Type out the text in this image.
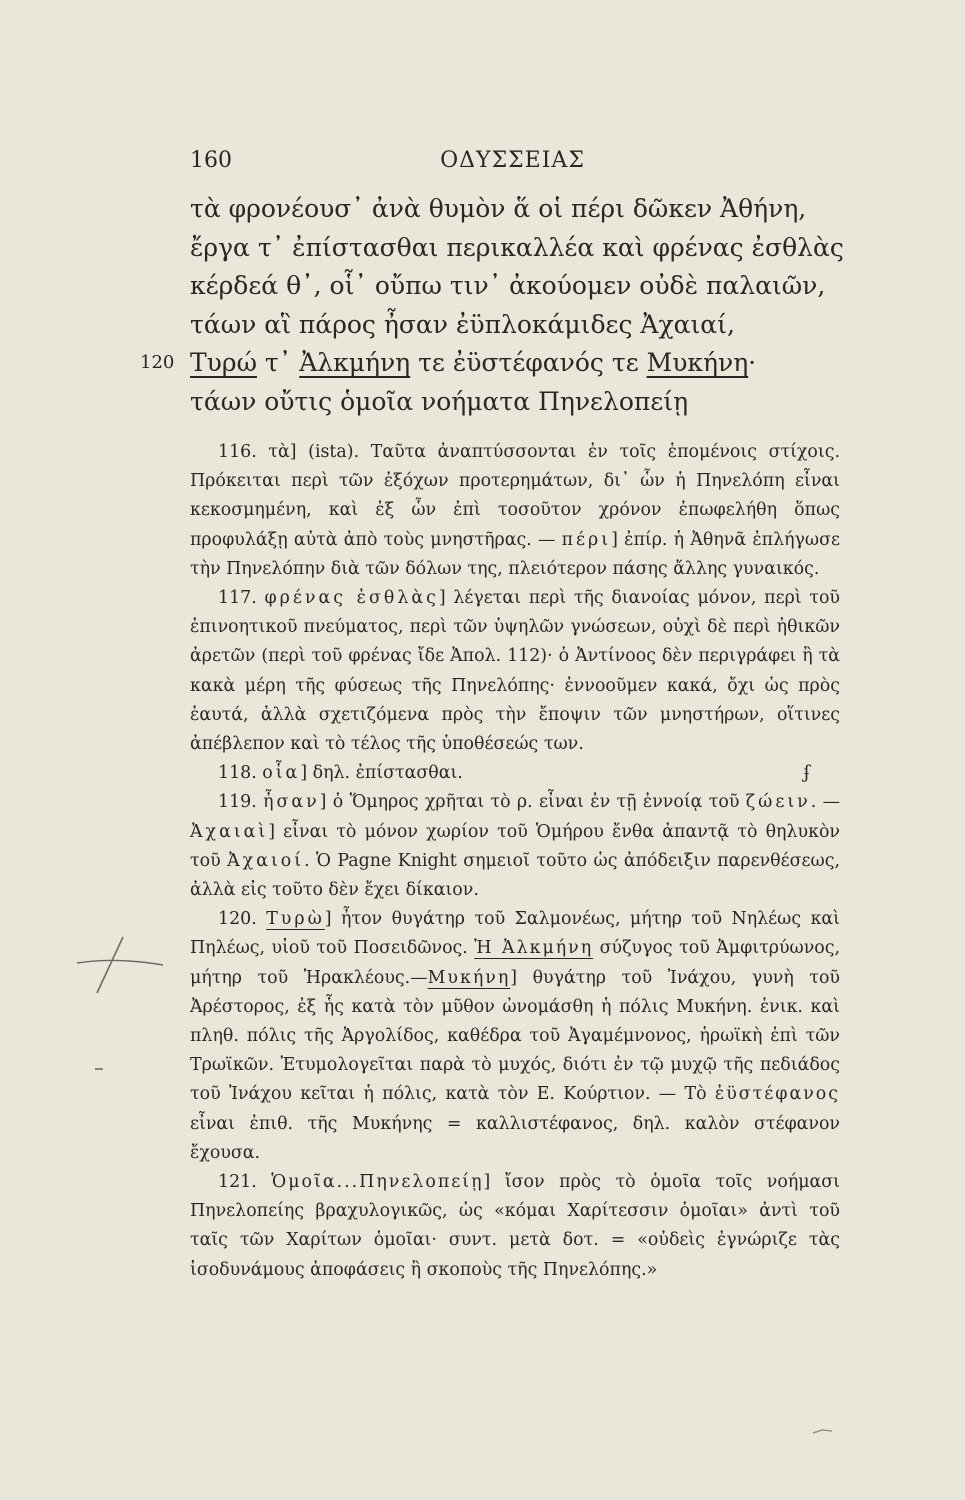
160	ΟΔΥΣΣΕΙΑΣ
τὰ φρονέουσ᾽ ἀνὰ θυμὸν ἅ οἱ πέρι δῶκεν Ἀθήνη,
ἔργα τ᾽ ἐπίστασθαι περικαλλέα καὶ φρένας ἐσθλὰς
κέρδεά θ᾽, οἷ᾽ οὔπω τιν᾽ ἀκούομεν οὐδὲ παλαιῶν,
τάων αἳ πάρος ἦσαν ἐϋπλοκάμιδες Ἀχαιαί,
120 Τυρώ τ᾽ Ἀλκμήνη τε ἐϋστέφανός τε Μυκήνη·
τάων οὔτις ὁμοῖα νοήματα Πηνελοπείῃ

116. τὰ] (ista). Ταῦτα ἀναπτύσσονται ἐν τοῖς ἑπομένοις στίχοις. Πρόκειται περὶ τῶν ἐξόχων προτερημάτων, δι᾽ ὧν ἡ Πηνελόπη εἶναι κεκοσμημένη, καὶ ἐξ ὧν ἐπὶ τοσοῦτον χρόνον ἐπωφελήθη ὅπως προφυλάξῃ αὐτὰ ἀπὸ τοὺς μνηστῆρας. — πέρι] ἐπίρ. ἡ Ἀθηνᾶ ἐπλήγωσε τὴν Πηνελόπην διὰ τῶν δόλων της, πλειότερον πάσης ἄλλης γυναικός.

117. φρένας ἐσθλὰς] λέγεται περὶ τῆς διανοίας μόνον, περὶ τοῦ ἐπινοητικοῦ πνεύματος, περὶ τῶν ὑψηλῶν γνώσεων, οὐχὶ δὲ περὶ ἠθικῶν ἀρετῶν (περὶ τοῦ φρένας ἴδε Ἀπολ. 112)· ὁ Ἀντίνοος δὲν περιγράφει ἢ τὰ κακὰ μέρη τῆς φύσεως τῆς Πηνελόπης· ἐννοοῦμεν κακά, ὄχι ὡς πρὸς ἑαυτά, ἀλλὰ σχετιζόμενα πρὸς τὴν ἔποψιν τῶν μνηστήρων, οἵτινες ἀπέβλεπον καὶ τὸ τέλος τῆς ὑποθέσεώς των.

118. οἷα] δηλ. ἐπίστασθαι.	ʄ

119. ἦσαν] ὁ Ὅμηρος χρῆται τὸ ρ. εἶναι ἐν τῇ ἐννοίᾳ τοῦ ζώειν. — Ἀχαιαὶ] εἶναι τὸ μόνον χωρίον τοῦ Ὁμήρου ἔνθα ἀπαντᾷ τὸ θηλυκὸν τοῦ Ἀχαιοί. Ὁ Pagne Knight σημειοῖ τοῦτο ὡς ἀπόδειξιν παρενθέσεως, ἀλλὰ εἰς τοῦτο δὲν ἔχει δίκαιον.

120. Τυρὼ] ἦτον θυγάτηρ τοῦ Σαλμονέως, μήτηρ τοῦ Νηλέως καὶ Πηλέως, υἱοῦ τοῦ Ποσειδῶνος. Ἡ Ἀλκμήνη σύζυγος τοῦ Ἀμφιτρύωνος, μήτηρ τοῦ Ἡρακλέους.—Μυκήνη] θυγάτηρ τοῦ Ἰνάχου, γυνὴ τοῦ Ἀρέστορος, ἐξ ἧς κατὰ τὸν μῦθον ὠνομάσθη ἡ πόλις Μυκήνη. ἑνικ. καὶ πληθ. πόλις τῆς Ἀργολίδος, καθέδρα τοῦ Ἀγαμέμνονος, ἡρωϊκὴ ἐπὶ τῶν Τρωϊκῶν. Ἐτυμολογεῖται παρὰ τὸ μυχός, διότι ἐν τῷ μυχῷ τῆς πεδιάδος τοῦ Ἰνάχου κεῖται ἡ πόλις, κατὰ τὸν Ε. Κούρτιον. — Τὸ ἐϋστέφανος εἶναι ἐπιθ. τῆς Μυκήνης = καλλιστέφανος, δηλ. καλὸν στέφανον ἔχουσα.

121. Ὁμοῖα...Πηνελοπείῃ] ἴσον πρὸς τὸ ὁμοῖα τοῖς νοήμασι Πηνελοπείης βραχυλογικῶς, ὡς «κόμαι Χαρίτεσσιν ὁμοῖαι» ἀντὶ τοῦ ταῖς τῶν Χαρίτων ὁμοῖαι· συντ. μετὰ δοτ. = «οὐδεὶς ἐγνώριζε τὰς ἰσοδυνάμους ἀποφάσεις ἢ σκοποὺς τῆς Πηνελόπης.»
